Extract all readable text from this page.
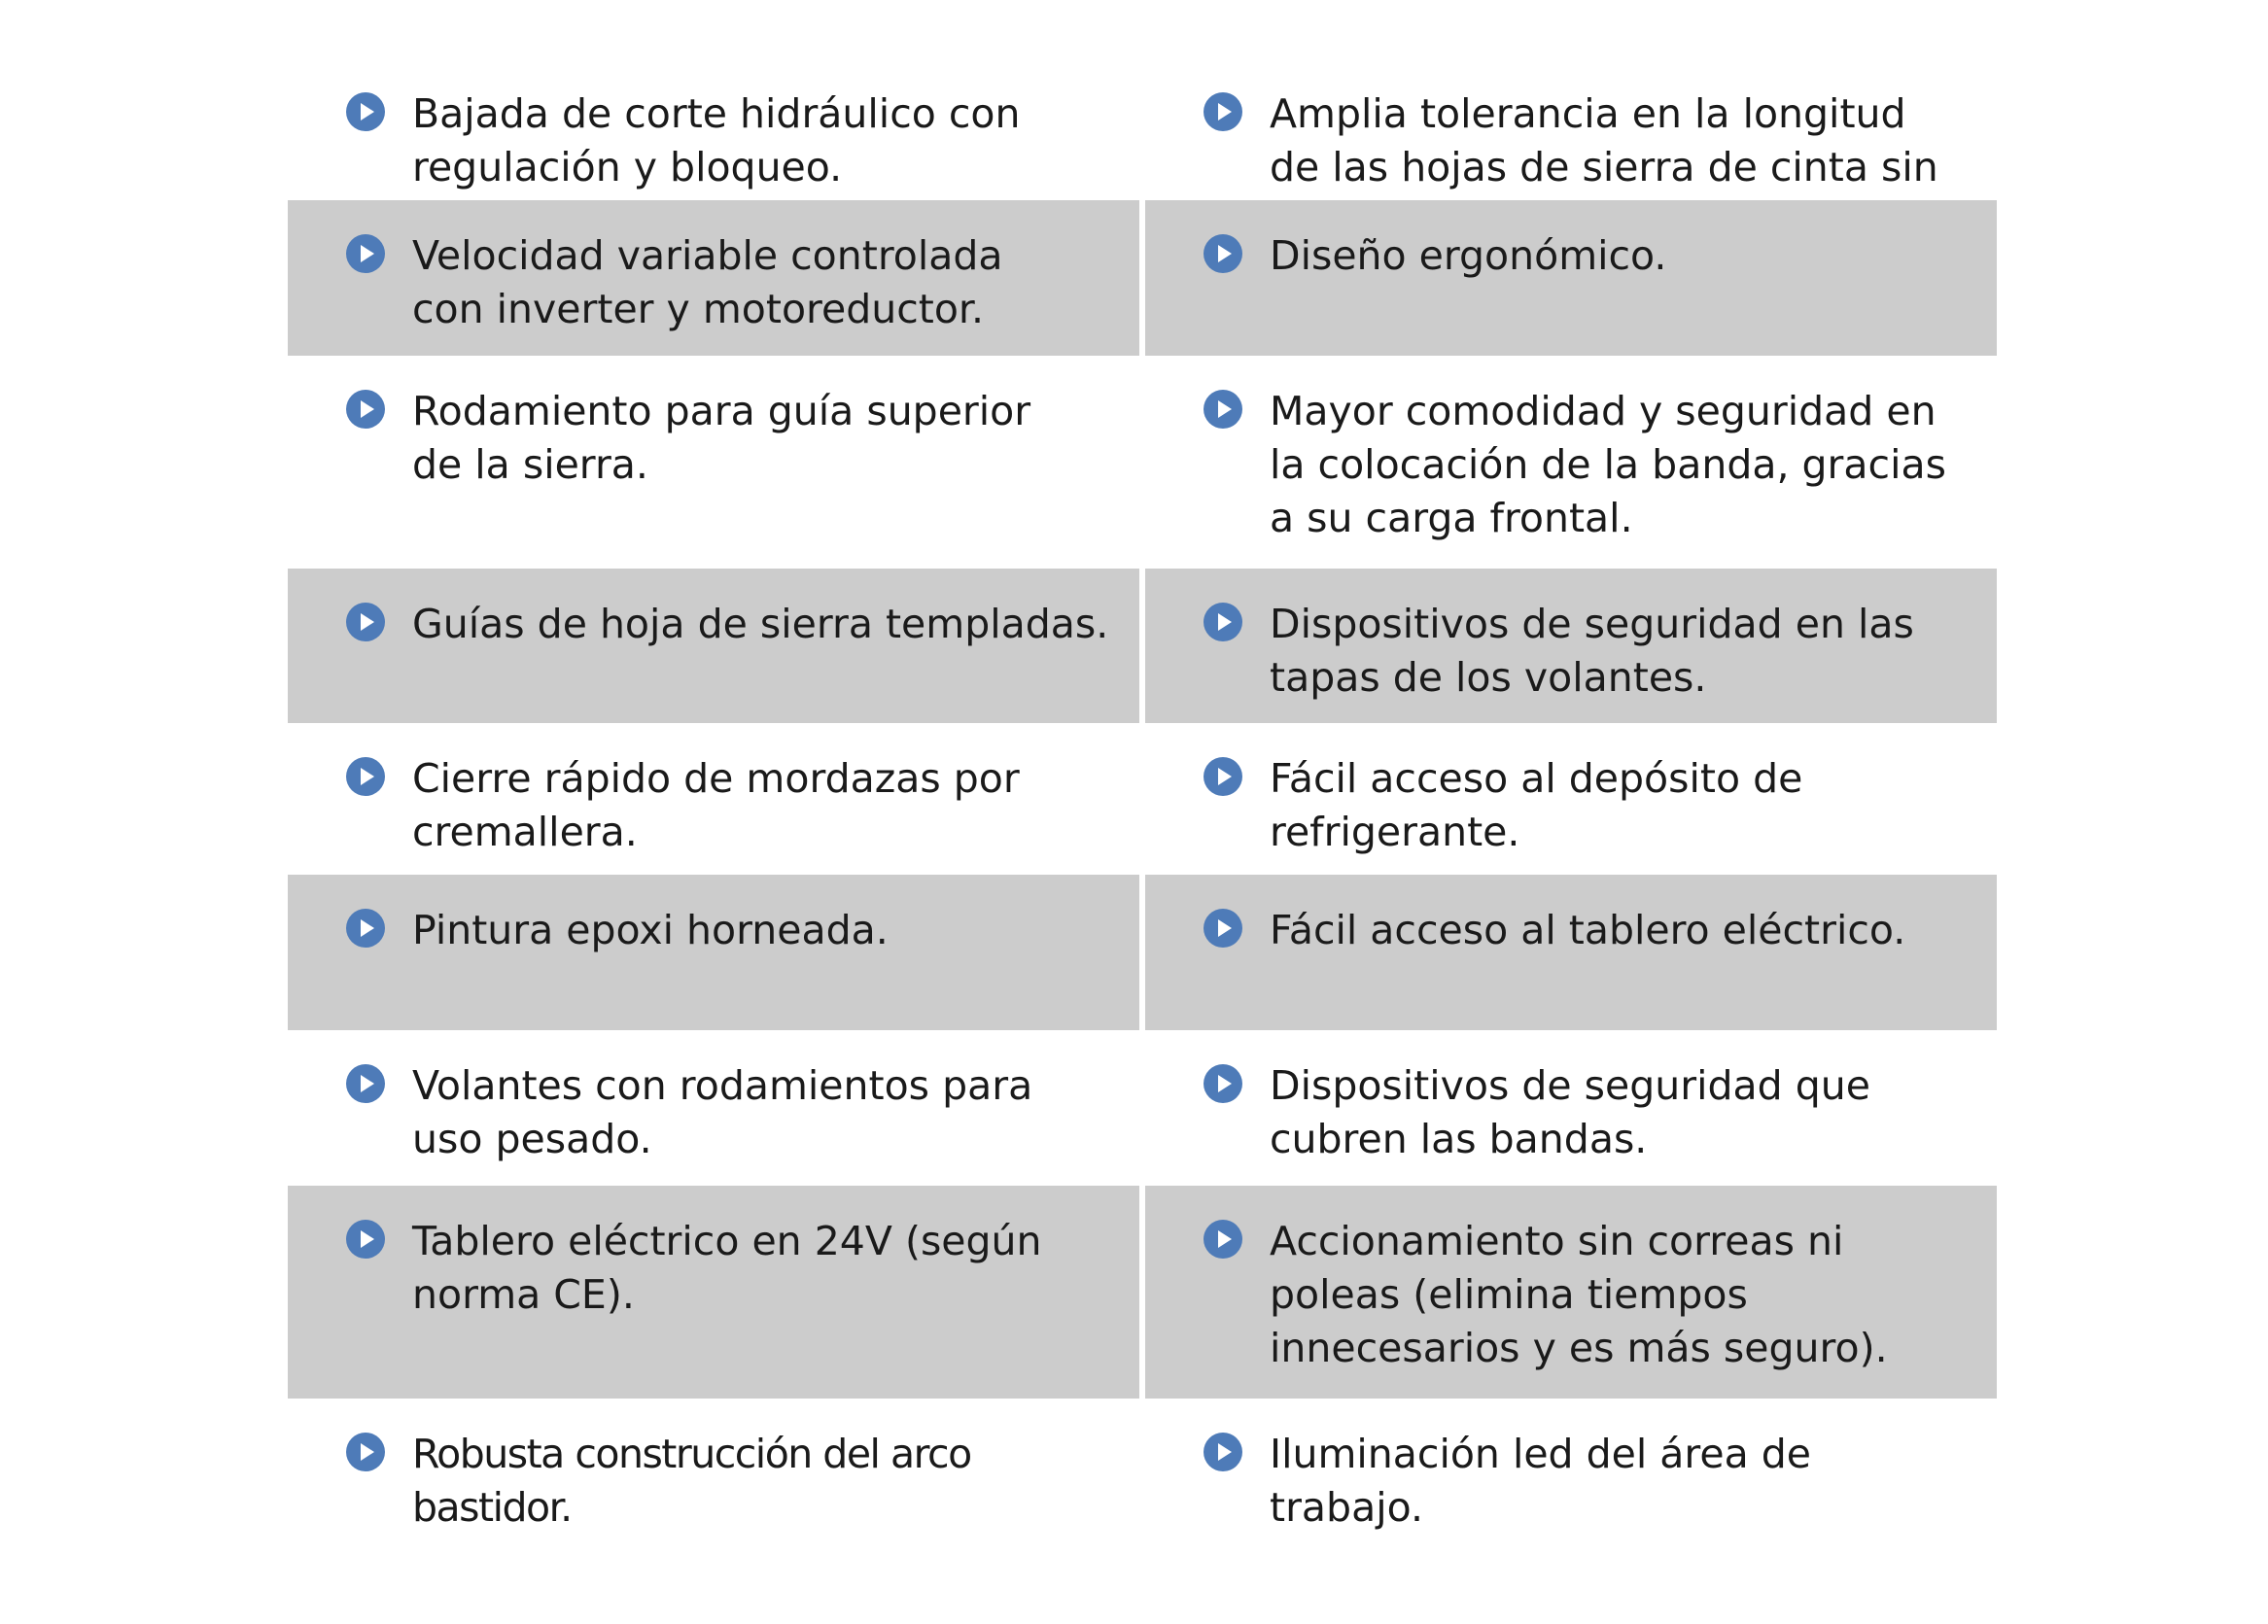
Bajada de corte hidráulico con
regulación y bloqueo.
Amplia tolerancia en la longitud
de las hojas de sierra de cinta sin
Velocidad variable controlada
con inverter y motoreductor.
Diseño ergonómico.
Rodamiento para guía superior
de la sierra.
Mayor comodidad y seguridad en
la colocación de la banda, gracias
a su carga frontal.
Guías de hoja de sierra templadas.	Dispositivos de seguridad en las
tapas de los volantes.
Cierre rápido de mordazas por
cremallera.
Fácil acceso al depósito de
refrigerante.
Pintura epoxi horneada.	Fácil acceso al tablero eléctrico.
Volantes con rodamientos para
uso pesado.
Dispositivos de seguridad que
cubren las bandas.
Tablero eléctrico en 24V (según
norma CE).
Accionamiento sin correas ni
poleas (elimina tiempos
innecesarios y es más seguro).
Robusta construcción del arco bastidor.
Iluminación led del área de trabajo.
